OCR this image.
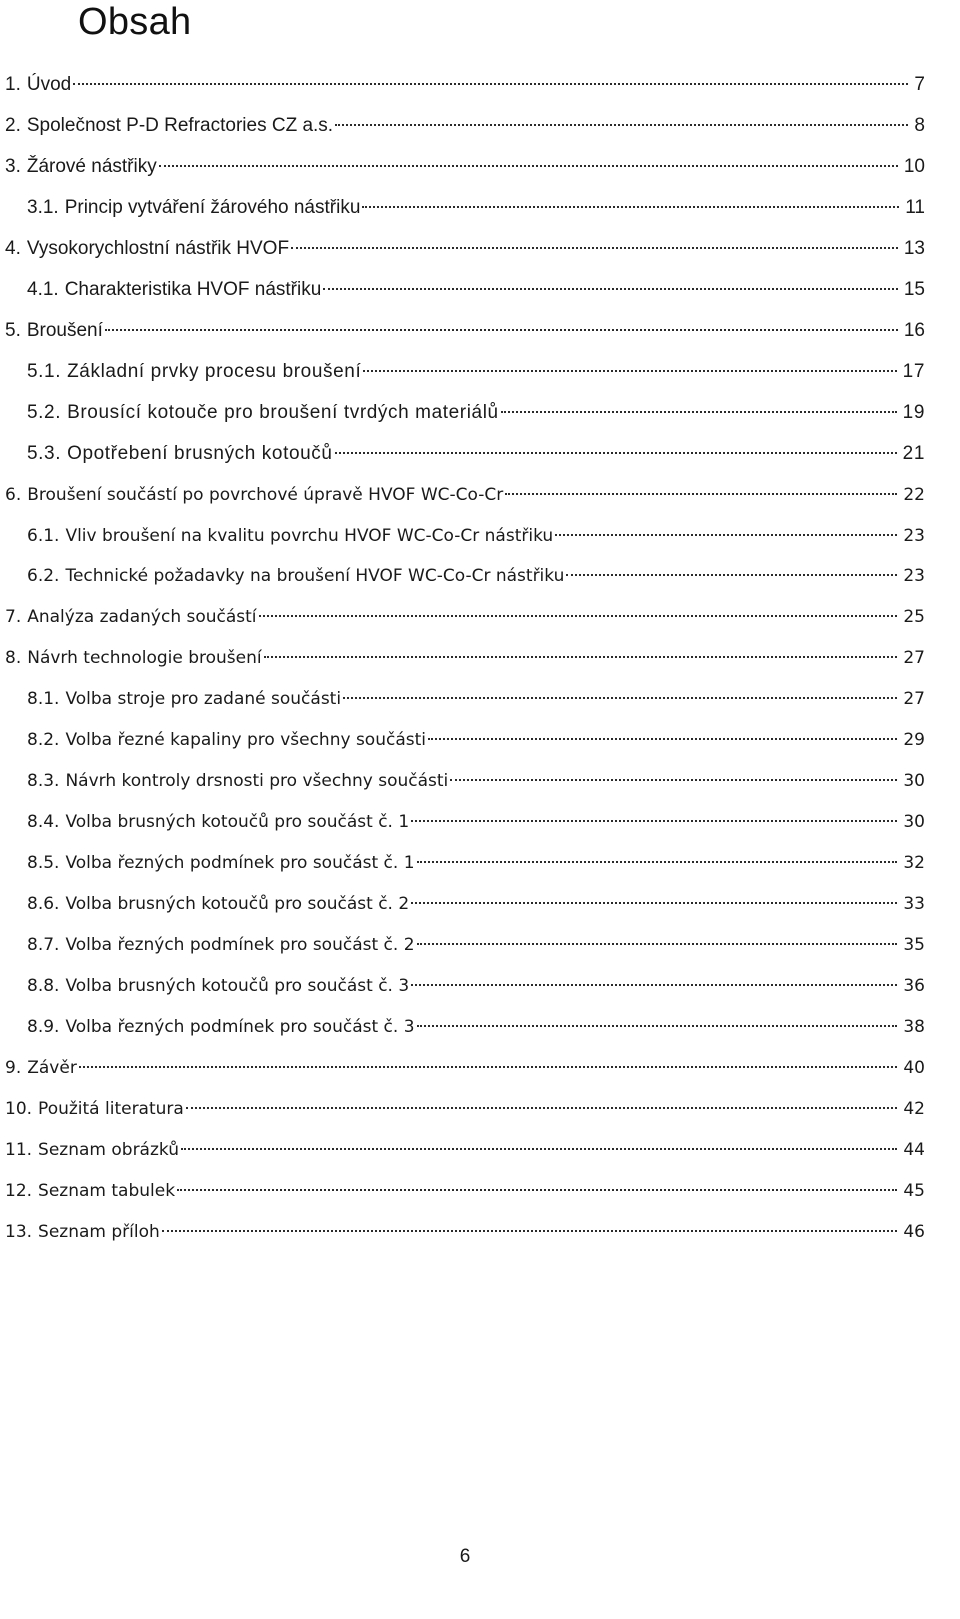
Obsah
1. Úvod	7
2. Společnost P-D Refractories CZ a.s.	8
3. Žárové nástřiky	10
3.1. Princip vytváření žárového nástřiku	11
4. Vysokorychlostní nástřik HVOF	13
4.1. Charakteristika HVOF nástřiku	15
5. Broušení	16
5.1. Základní prvky procesu broušení	17
5.2. Brousící kotouče pro broušení tvrdých materiálů	19
5.3. Opotřebení brusných kotoučů	21
6. Broušení součástí po povrchové úpravě HVOF WC-Co-Cr	22
6.1. Vliv broušení na kvalitu povrchu HVOF WC-Co-Cr nástřiku	23
6.2. Technické požadavky na broušení HVOF WC-Co-Cr nástřiku	23
7. Analýza zadaných součástí	25
8. Návrh technologie broušení	27
8.1. Volba stroje pro zadané součásti	27
8.2. Volba řezné kapaliny pro všechny součásti	29
8.3. Návrh kontroly drsnosti pro všechny součásti	30
8.4. Volba brusných kotoučů pro součást č. 1	30
8.5. Volba řezných podmínek pro součást č. 1	32
8.6. Volba brusných kotoučů pro součást č. 2	33
8.7. Volba řezných podmínek pro součást č. 2	35
8.8. Volba brusných kotoučů pro součást č. 3	36
8.9. Volba řezných podmínek pro součást č. 3	38
9. Závěr	40
10. Použitá literatura	42
11. Seznam obrázků	44
12. Seznam tabulek	45
13. Seznam příloh	46
6
